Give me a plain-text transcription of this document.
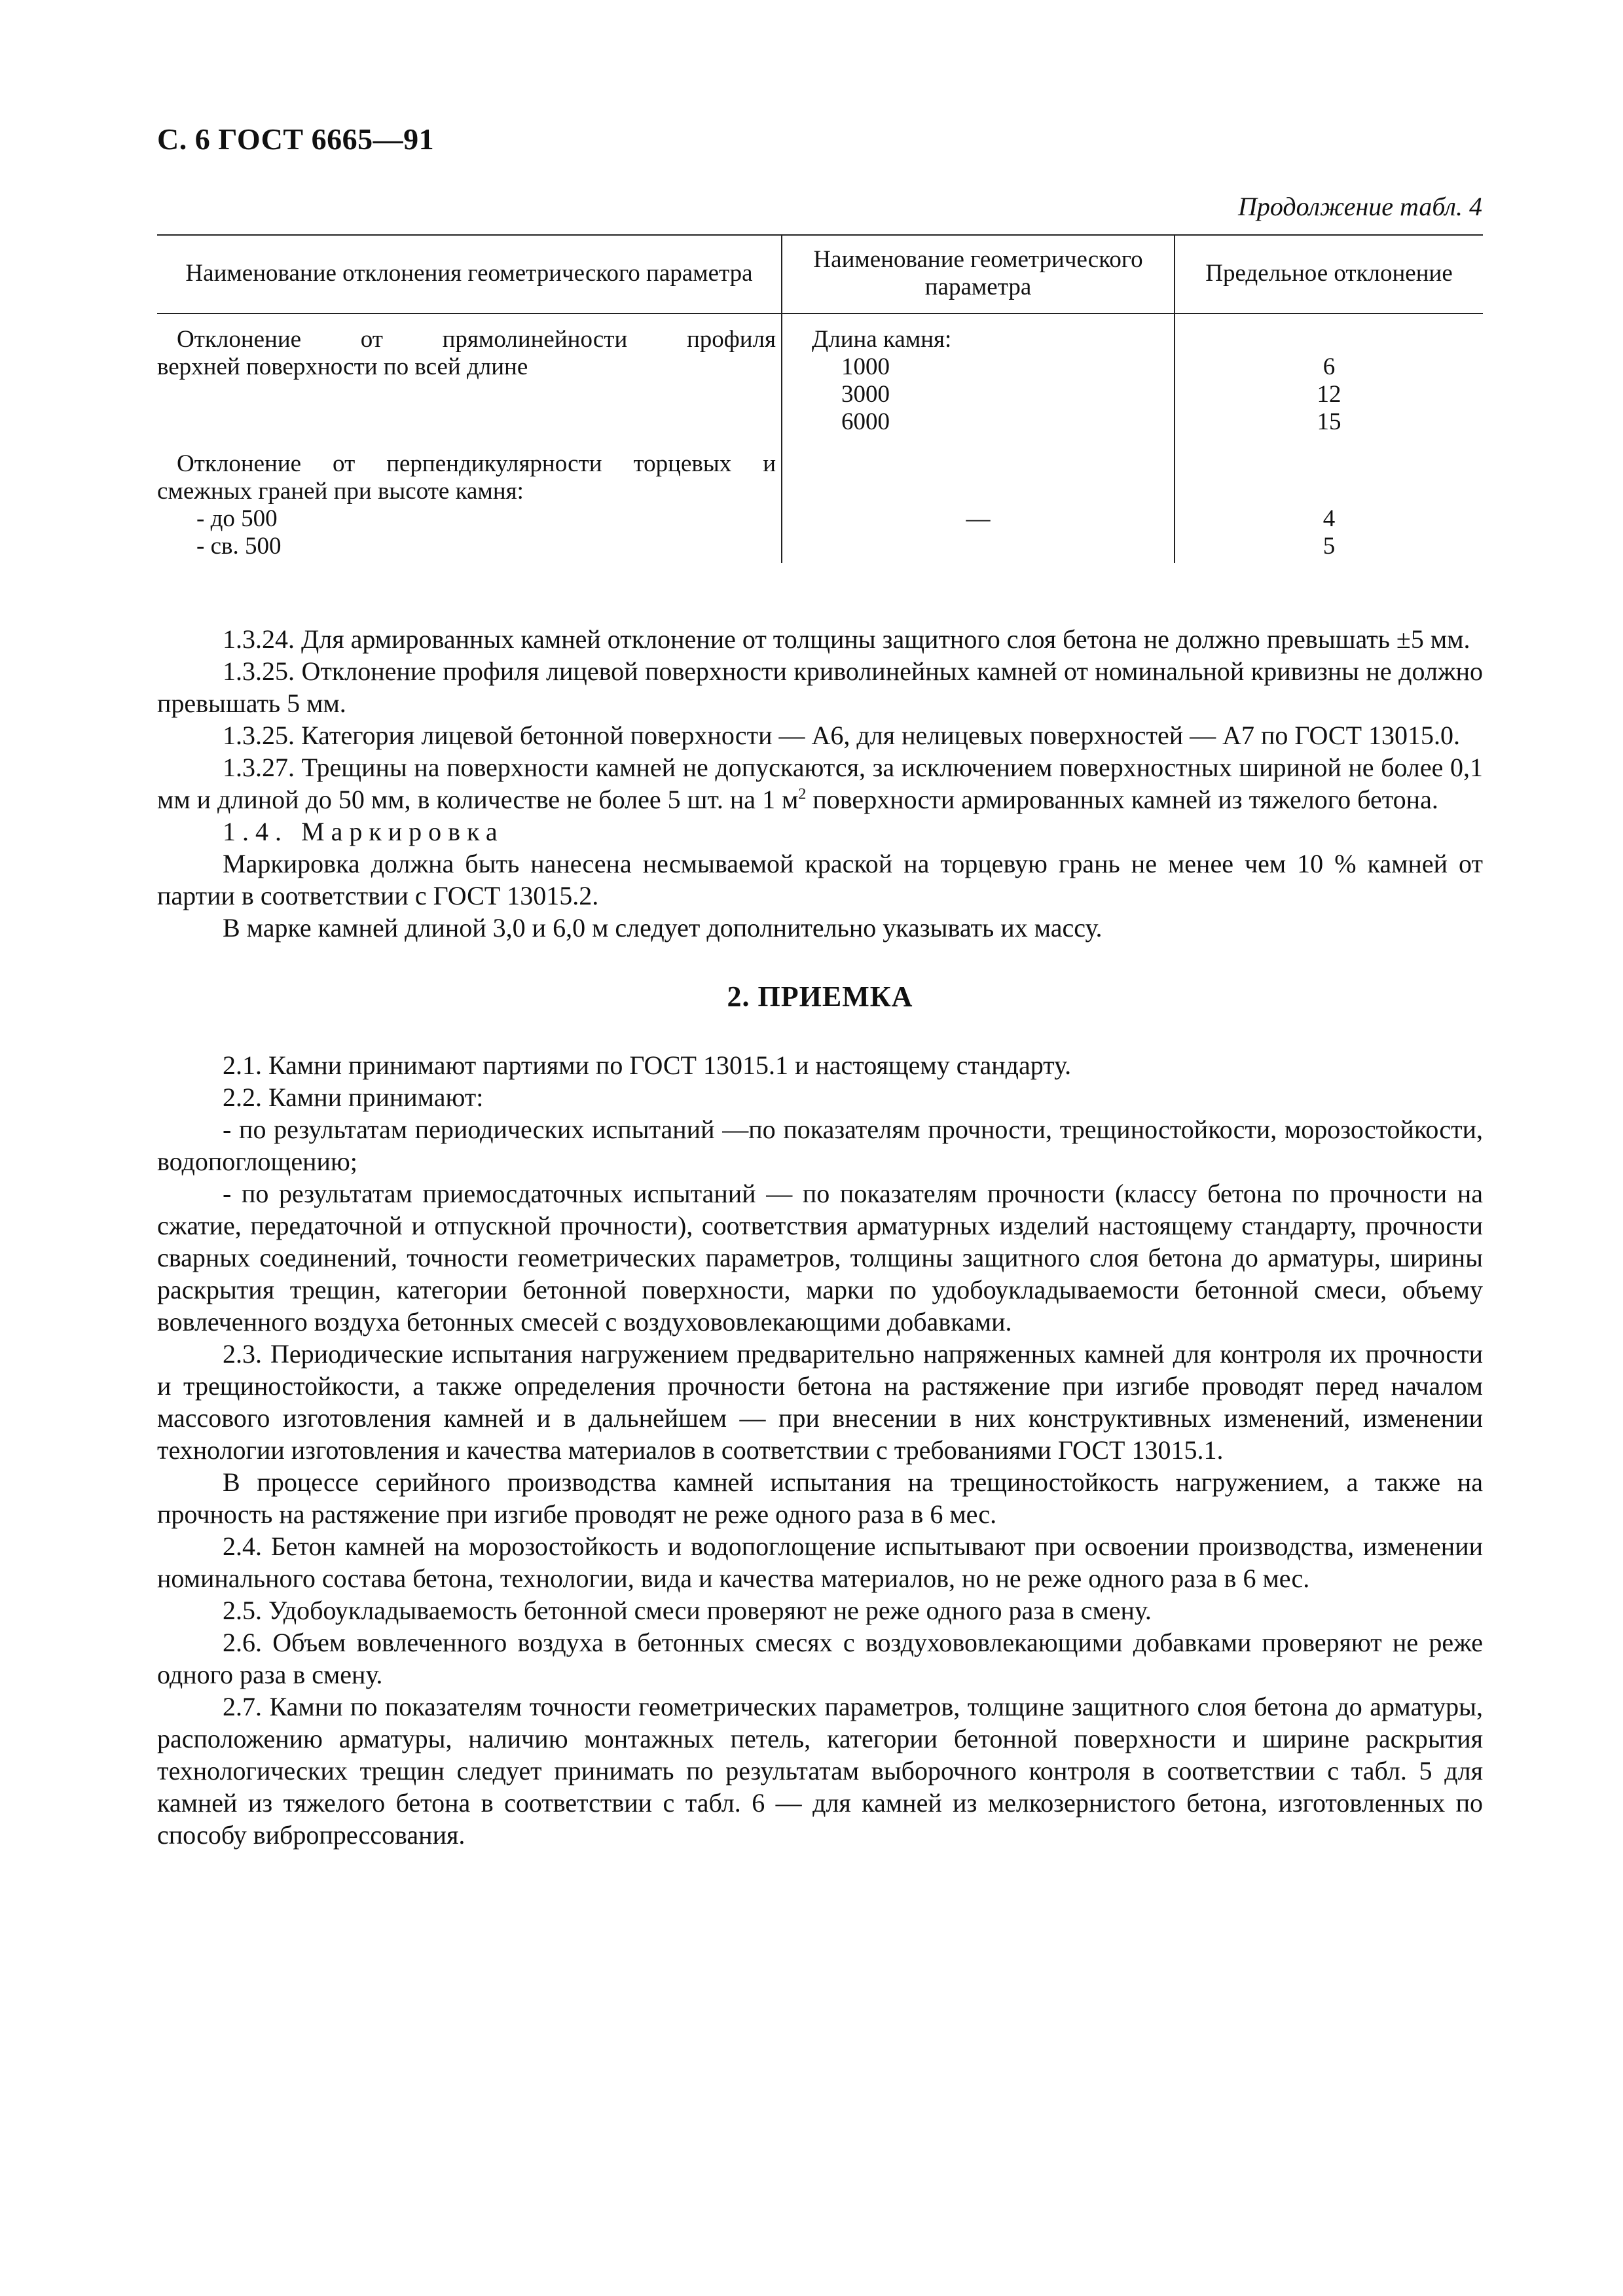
С. 6 ГОСТ 6665—91
Продолжение табл. 4
Наименование отклонения геометрического параметра
Наименование геометрического параметра
Предельное отклонение
Отклонение от прямолинейности профиля
верхней поверхности по всей длине
Длина камня:
1000
3000
6000
6
12
15
Отклонение от перпендикулярности торцевых и
смежных граней при высоте камня:
- до 500
- св. 500
—	4
5

1.3.24. Для армированных камней отклонение от толщины защитного слоя бетона не должно превышать ±5 мм.

1.3.25. Отклонение профиля лицевой поверхности криволинейных камней от номинальной кривизны не должно превышать 5 мм.

1.3.25. Категория лицевой бетонной поверхности — А6, для нелицевых поверхностей — А7 по ГОСТ 13015.0.

1.3.27. Трещины на поверхности камней не допускаются, за исключением поверхностных шириной не более 0,1 мм и длиной до 50 мм, в количестве не более 5 шт. на 1 $м^2$ поверхности армированных камней из тяжелого бетона.

1.4. Маркировка

Маркировка должна быть нанесена несмываемой краской на торцевую грань не менее чем 10 % камней от партии в соответствии с ГОСТ 13015.2.

В марке камней длиной 3,0 и 6,0 м следует дополнительно указывать их массу.

2. ПРИЕМКА

2.1. Камни принимают партиями по ГОСТ 13015.1 и настоящему стандарту.

2.2. Камни принимают:

- по результатам периодических испытаний —по показателям прочности, трещиностойкости, морозостойкости, водопоглощению;

- по результатам приемосдаточных испытаний — по показателям прочности (классу бетона по прочности на сжатие, передаточной и отпускной прочности), соответствия арматурных изделий настоящему стандарту, прочности сварных соединений, точности геометрических параметров, толщины защитного слоя бетона до арматуры, ширины раскрытия трещин, категории бетонной поверхности, марки по удобоукладываемости бетонной смеси, объему вовлеченного воздуха бетонных смесей с воздухововлекающими добавками.

2.3. Периодические испытания нагружением предварительно напряженных камней для контроля их прочности и трещиностойкости, а также определения прочности бетона на растяжение при изгибе проводят перед началом массового изготовления камней и в дальнейшем — при внесении в них конструктивных изменений, изменении технологии изготовления и качества материалов в соответствии с требованиями ГОСТ 13015.1.

В процессе серийного производства камней испытания на трещиностойкость нагружением, а также на прочность на растяжение при изгибе проводят не реже одного раза в 6 мес.

2.4. Бетон камней на морозостойкость и водопоглощение испытывают при освоении производства, изменении номинального состава бетона, технологии, вида и качества материалов, но не реже одного раза в 6 мес.

2.5. Удобоукладываемость бетонной смеси проверяют не реже одного раза в смену.

2.6. Объем вовлеченного воздуха в бетонных смесях с воздухововлекающими добавками проверяют не реже одного раза в смену.

2.7. Камни по показателям точности геометрических параметров, толщине защитного слоя бетона до арматуры, расположению арматуры, наличию монтажных петель, категории бетонной поверхности и ширине раскрытия технологических трещин следует принимать по результатам выборочного контроля в соответствии с табл. 5 для камней из тяжелого бетона в соответствии с табл. 6 — для камней из мелкозернистого бетона, изготовленных по способу вибропрессования.
